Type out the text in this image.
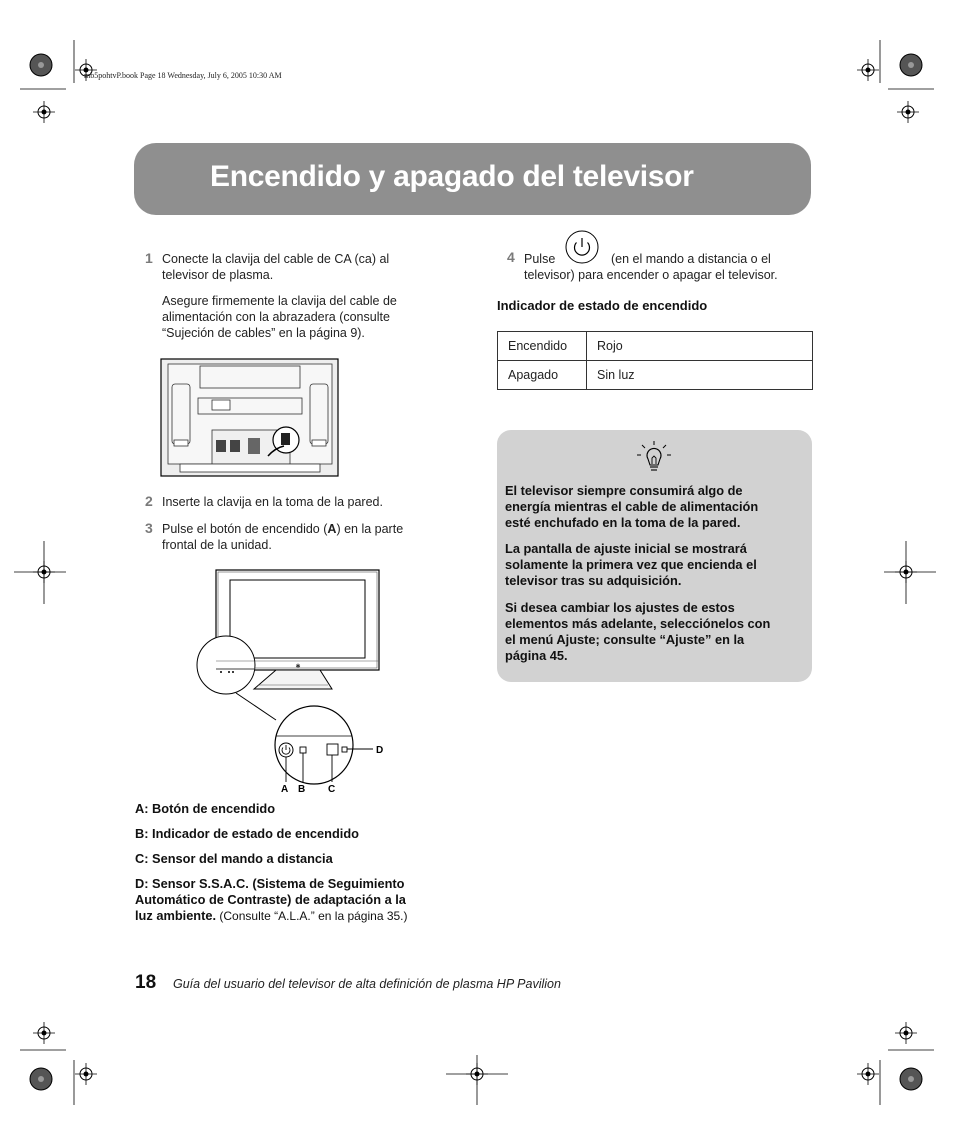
mb5pohtvP.book Page 18 Wednesday, July 6, 2005 10:30 AM
Encendido y apagado del televisor
1 Conecte la clavija del cable de CA (ca) al
televisor de plasma.
Asegure firmemente la clavija del cable de
alimentación con la abrazadera (consulte
“Sujeción de cables” en la página 9).
2 Inserte la clavija en la toma de la pared.
3 Pulse el botón de encendido (A) en la parte
frontal de la unidad.
✱
A B C
D
A: Botón de encendido
B: Indicador de estado de encendido
C: Sensor del mando a distancia
D: Sensor S.S.A.C. (Sistema de Seguimiento
Automático de Contraste) de adaptación a la
luz ambiente. (Consulte “A.L.A.” en la página 35.)
4 Pulse	(en el mando a distancia o el
televisor) para encender o apagar el televisor.
Indicador de estado de encendido
Encendido	Rojo
Apagado	Sin luz
El televisor siempre consumirá algo de
energía mientras el cable de alimentación
esté enchufado en la toma de la pared.
La pantalla de ajuste inicial se mostrará
solamente la primera vez que encienda el
televisor tras su adquisición.
Si desea cambiar los ajustes de estos
elementos más adelante, selecciónelos con
el menú Ajuste; consulte “Ajuste” en la
página 45.
18 Guía del usuario del televisor de alta definición de plasma HP Pavilion
